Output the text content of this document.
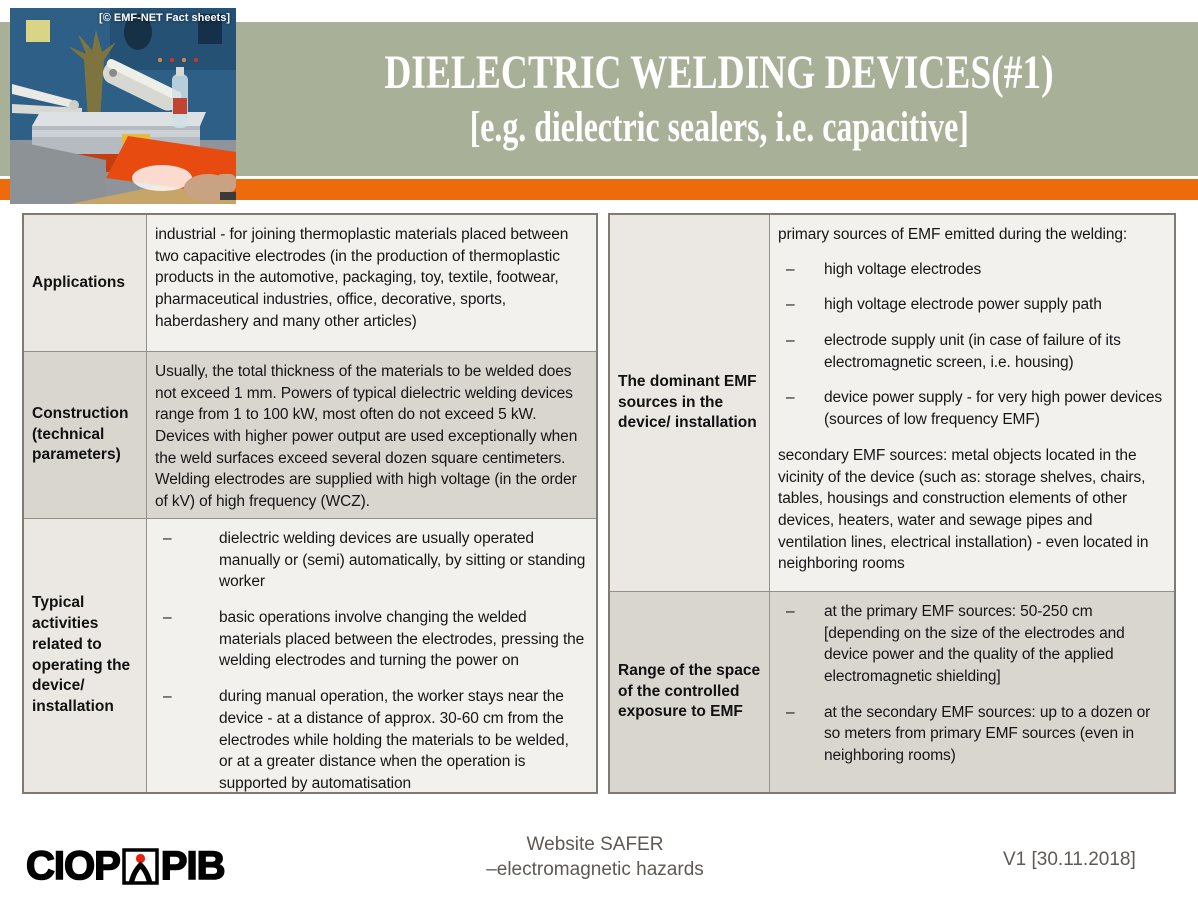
DIELECTRIC WELDING DEVICES(#1)
[e.g. dielectric sealers, i.e. capacitive]
[© EMF-NET Fact sheets]
Applications

industrial - for joining thermoplastic materials placed between two capacitive electrodes (in the production of thermoplastic products in the automotive, packaging, toy, textile, footwear, pharmaceutical industries, office, decorative, sports, haberdashery and many other articles)

Construction (technical parameters)

Usually, the total thickness of the materials to be welded does not exceed 1 mm. Powers of typical dielectric welding devices range from 1 to 100 kW, most often do not exceed 5 kW. Devices with higher power output are used exceptionally when the weld surfaces exceed several dozen square centimeters. Welding electrodes are supplied with high voltage (in the order of kV) of high frequency (WCZ).

Typical activities related to operating the device/ installation
–	dielectric welding devices are usually operated manually or (semi) automatically, by sitting or standing worker
–	basic operations involve changing the welded materials placed between the electrodes, pressing the welding electrodes and turning the power on
–	during manual operation, the worker stays near the device - at a distance of approx. 30-60 cm from the electrodes while holding the materials to be welded, or at a greater distance when the operation is supported by automatisation
The dominant EMF sources in the device/ installation

primary sources of EMF emitted during the welding:

–	high voltage electrodes
–	high voltage electrode power supply path
–	electrode supply unit (in case of failure of its electromagnetic screen, i.e. housing)
–	device power supply - for very high power devices (sources of low frequency EMF)

secondary EMF sources: metal objects located in the vicinity of the device (such as: storage shelves, chairs, tables, housings and construction elements of other devices, heaters, water and sewage pipes and ventilation lines, electrical installation) - even located in neighboring rooms

Range of the space of the controlled exposure to EMF
–	at the primary EMF sources: 50-250 cm [depending on the size of the electrodes and device power and the quality of the applied electromagnetic shielding]
–	at the secondary EMF sources: up to a dozen or so meters from primary EMF sources (even in neighboring rooms)
CIOP PIB	Website SAFER
–electromagnetic hazards	V1 [30.11.2018]
